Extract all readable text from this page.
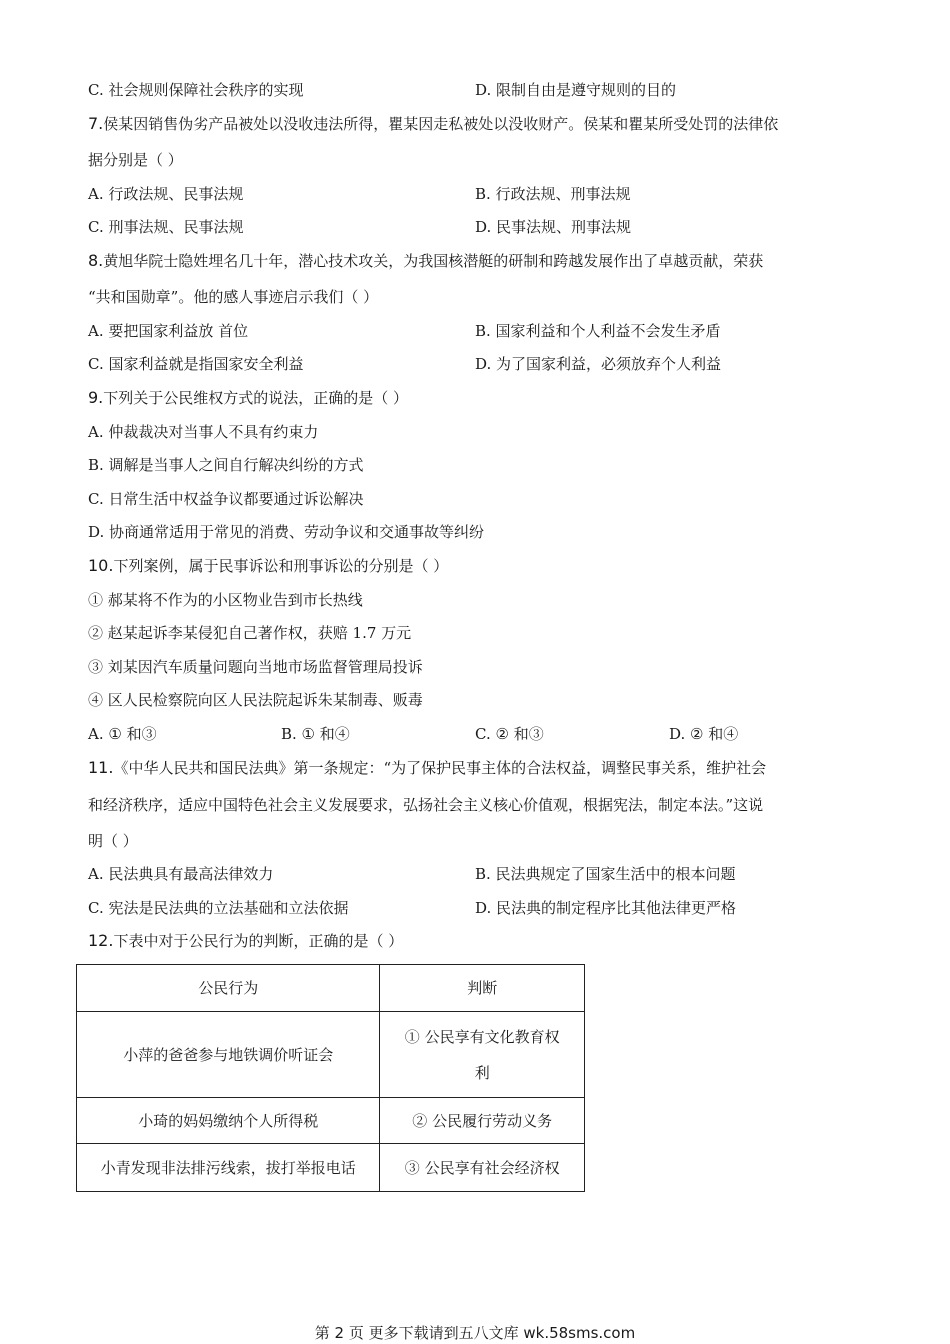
C. 社会规则保障社会秩序的实现	D. 限制自由是遵守规则的目的
7.侯某因销售伪劣产品被处以没收违法所得，瞿某因走私被处以没收财产。侯某和瞿某所受处罚的法律依
据分别是（ ）
A. 行政法规、民事法规	B. 行政法规、刑事法规
C. 刑事法规、民事法规	D. 民事法规、刑事法规
8.黄旭华院士隐姓埋名几十年，潜心技术攻关，为我国核潜艇的研制和跨越发展作出了卓越贡献，荣获
“共和国勋章”。他的感人事迹启示我们（ ）
A. 要把国家利益放 首位	B. 国家利益和个人利益不会发生矛盾
C. 国家利益就是指国家安全利益	D. 为了国家利益，必须放弃个人利益
9.下列关于公民维权方式的说法，正确的是（ ）
A. 仲裁裁决对当事人不具有约束力
B. 调解是当事人之间自行解决纠纷的方式
C. 日常生活中权益争议都要通过诉讼解决
D. 协商通常适用于常见的消费、劳动争议和交通事故等纠纷
10.下列案例，属于民事诉讼和刑事诉讼的分别是（ ）
① 郝某将不作为的小区物业告到市长热线
② 赵某起诉李某侵犯自己著作权，获赔 1.7 万元
③ 刘某因汽车质量问题向当地市场监督管理局投诉
④ 区人民检察院向区人民法院起诉朱某制毒、贩毒
A. ① 和③	B. ① 和④	C. ② 和③	D. ② 和④
11.《中华人民共和国民法典》第一条规定：“为了保护民事主体的合法权益，调整民事关系，维护社会
和经济秩序，适应中国特色社会主义发展要求，弘扬社会主义核心价值观，根据宪法，制定本法。”这说
明（ ）
A. 民法典具有最高法律效力	B. 民法典规定了国家生活中的根本问题
C. 宪法是民法典的立法基础和立法依据	D. 民法典的制定程序比其他法律更严格
12.下表中对于公民行为的判断，正确的是（ ）
公民行为	判断
小萍的爸爸参与地铁调价听证会	① 公民享有文化教育权
利

小琦的妈妈缴纳个人所得税	② 公民履行劳动义务
小青发现非法排污线索，拔打举报电话	③ 公民享有社会经济权
第 2 页 更多下载请到五八文库 wk.58sms.com
